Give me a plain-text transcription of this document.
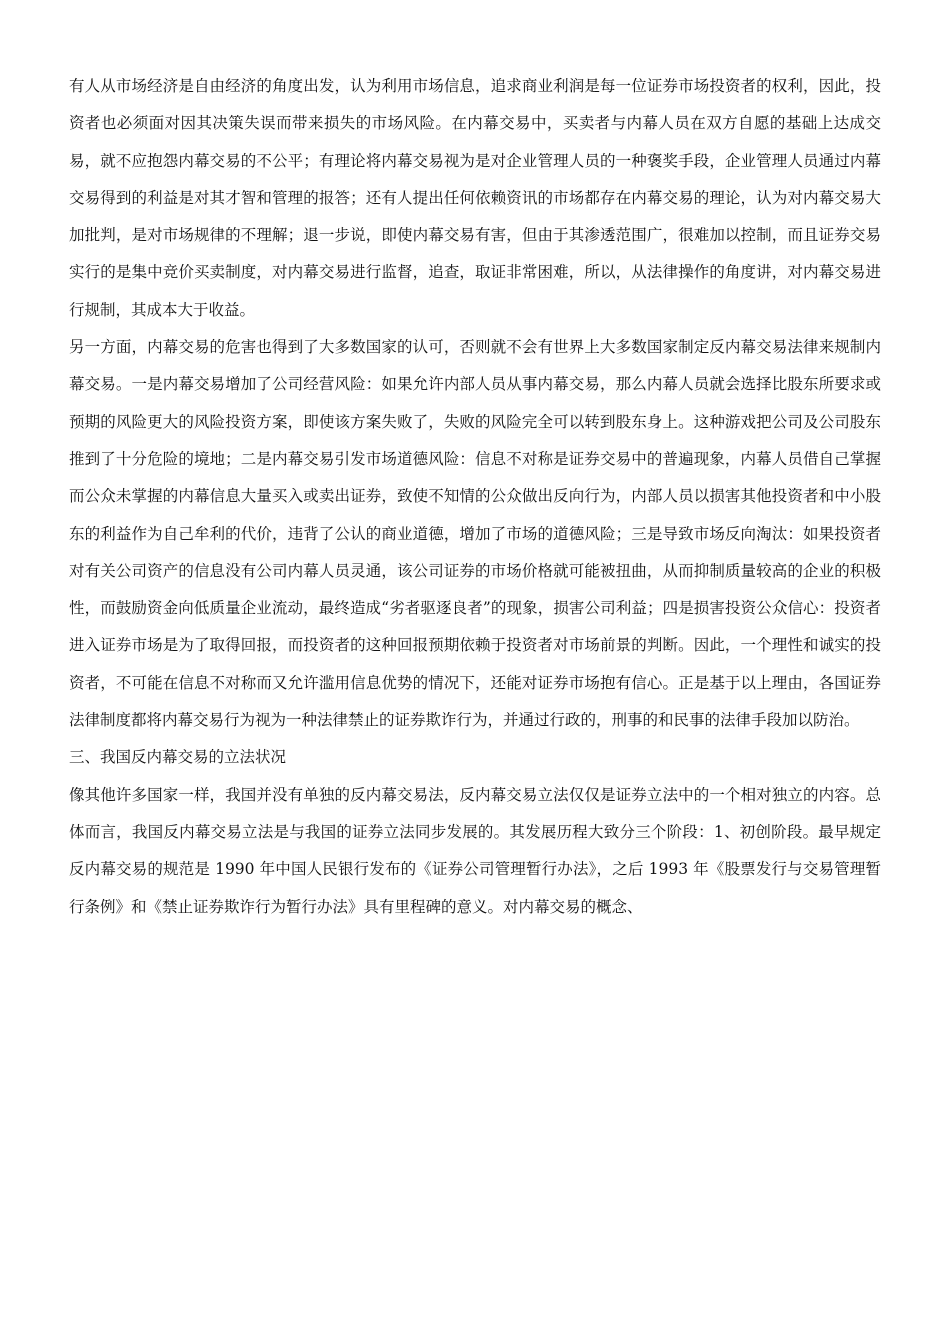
有人从市场经济是自由经济的角度出发，认为利用市场信息，追求商业利润是每一位证券市场投资者的权利，因此，投资者也必须面对因其决策失误而带来损失的市场风险。在内幕交易中，买卖者与内幕人员在双方自愿的基础上达成交易，就不应抱怨内幕交易的不公平；有理论将内幕交易视为是对企业管理人员的一种褒奖手段，企业管理人员通过内幕交易得到的利益是对其才智和管理的报答；还有人提出任何依赖资讯的市场都存在内幕交易的理论，认为对内幕交易大加批判，是对市场规律的不理解；退一步说，即使内幕交易有害，但由于其渗透范围广，很难加以控制，而且证券交易实行的是集中竞价买卖制度，对内幕交易进行监督，追查，取证非常困难，所以，从法律操作的角度讲，对内幕交易进行规制，其成本大于收益。

另一方面，内幕交易的危害也得到了大多数国家的认可，否则就不会有世界上大多数国家制定反内幕交易法律来规制内幕交易。一是内幕交易增加了公司经营风险：如果允许内部人员从事内幕交易，那么内幕人员就会选择比股东所要求或预期的风险更大的风险投资方案，即使该方案失败了，失败的风险完全可以转到股东身上。这种游戏把公司及公司股东推到了十分危险的境地；二是内幕交易引发市场道德风险：信息不对称是证券交易中的普遍现象，内幕人员借自己掌握而公众未掌握的内幕信息大量买入或卖出证券，致使不知情的公众做出反向行为，内部人员以损害其他投资者和中小股东的利益作为自己牟利的代价，违背了公认的商业道德，增加了市场的道德风险；三是导致市场反向淘汰：如果投资者对有关公司资产的信息没有公司内幕人员灵通，该公司证券的市场价格就可能被扭曲，从而抑制质量较高的企业的积极性，而鼓励资金向低质量企业流动，最终造成“劣者驱逐良者”的现象，损害公司利益；四是损害投资公众信心：投资者进入证券市场是为了取得回报，而投资者的这种回报预期依赖于投资者对市场前景的判断。因此，一个理性和诚实的投资者，不可能在信息不对称而又允许滥用信息优势的情况下，还能对证券市场抱有信心。正是基于以上理由，各国证券法律制度都将内幕交易行为视为一种法律禁止的证券欺诈行为，并通过行政的，刑事的和民事的法律手段加以防治。

三、我国反内幕交易的立法状况

像其他许多国家一样，我国并没有单独的反内幕交易法，反内幕交易立法仅仅是证券立法中的一个相对独立的内容。总体而言，我国反内幕交易立法是与我国的证券立法同步发展的。其发展历程大致分三个阶段：1、初创阶段。最早规定反内幕交易的规范是 1990 年中国人民银行发布的《证券公司管理暂行办法》，之后 1993 年《股票发行与交易管理暂行条例》和《禁止证券欺诈行为暂行办法》具有里程碑的意义。对内幕交易的概念、
